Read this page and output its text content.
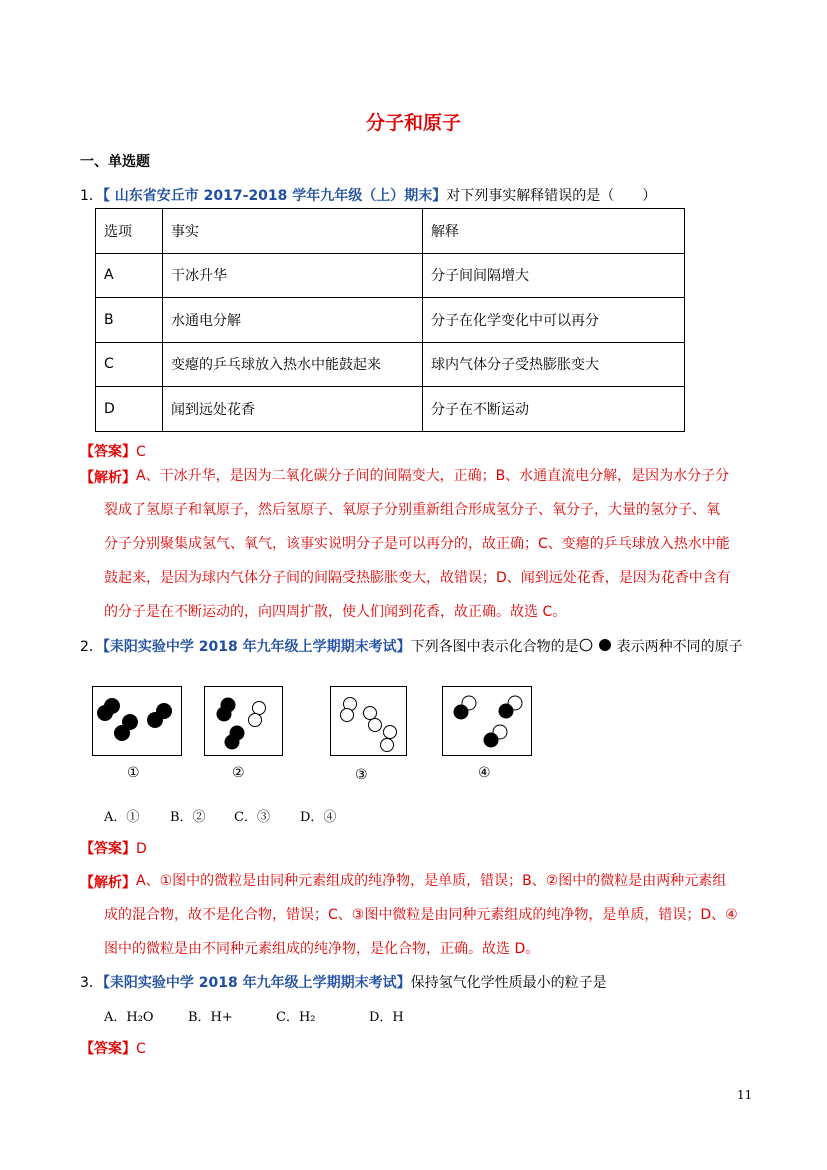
分子和原子
一、单选题
1．【 山东省安丘市 2017-2018 学年九年级（上）期末】对下列事实解释错误的是（　　）
选项	事实	解释
A	干冰升华	分子间间隔增大
B	水通电分解	分子在化学变化中可以再分
C	变瘪的乒乓球放入热水中能鼓起来	球内气体分子受热膨胀变大
D	闻到远处花香	分子在不断运动
【答案】C
【解析】 A、干冰升华，是因为二氧化碳分子间的间隔变大，正确；B、水通直流电分解，是因为水分子分
裂成了氢原子和氧原子，然后氢原子、氧原子分别重新组合形成氢分子、氧分子，大量的氢分子、氧
分子分别聚集成氢气、氧气，该事实说明分子是可以再分的，故正确；C、变瘪的乒乓球放入热水中能
鼓起来，是因为球内气体分子间的间隔受热膨胀变大，故错误；D、闻到远处花香，是因为花香中含有
的分子是在不断运动的，向四周扩散，使人们闻到花香，故正确。故选 C。
2．【耒阳实验中学 2018 年九年级上学期期末考试】下列各图中表示化合物的是	表示两种不同的原子
①	②	③	④
A．① B．② C．③ D．④
【答案】D
【解析】 A、①图中的微粒是由同种元素组成的纯净物，是单质，错误；B、②图中的微粒是由两种元素组
成的混合物，故不是化合物，错误；C、③图中微粒是由同种元素组成的纯净物，是单质，错误；D、④
图中的微粒是由不同种元素组成的纯净物，是化合物，正确。故选 D。
3．【耒阳实验中学 2018 年九年级上学期期末考试】保持氢气化学性质最小的粒子是
A．H₂O	B．H+	C．H₂	D．H
【答案】C
11
